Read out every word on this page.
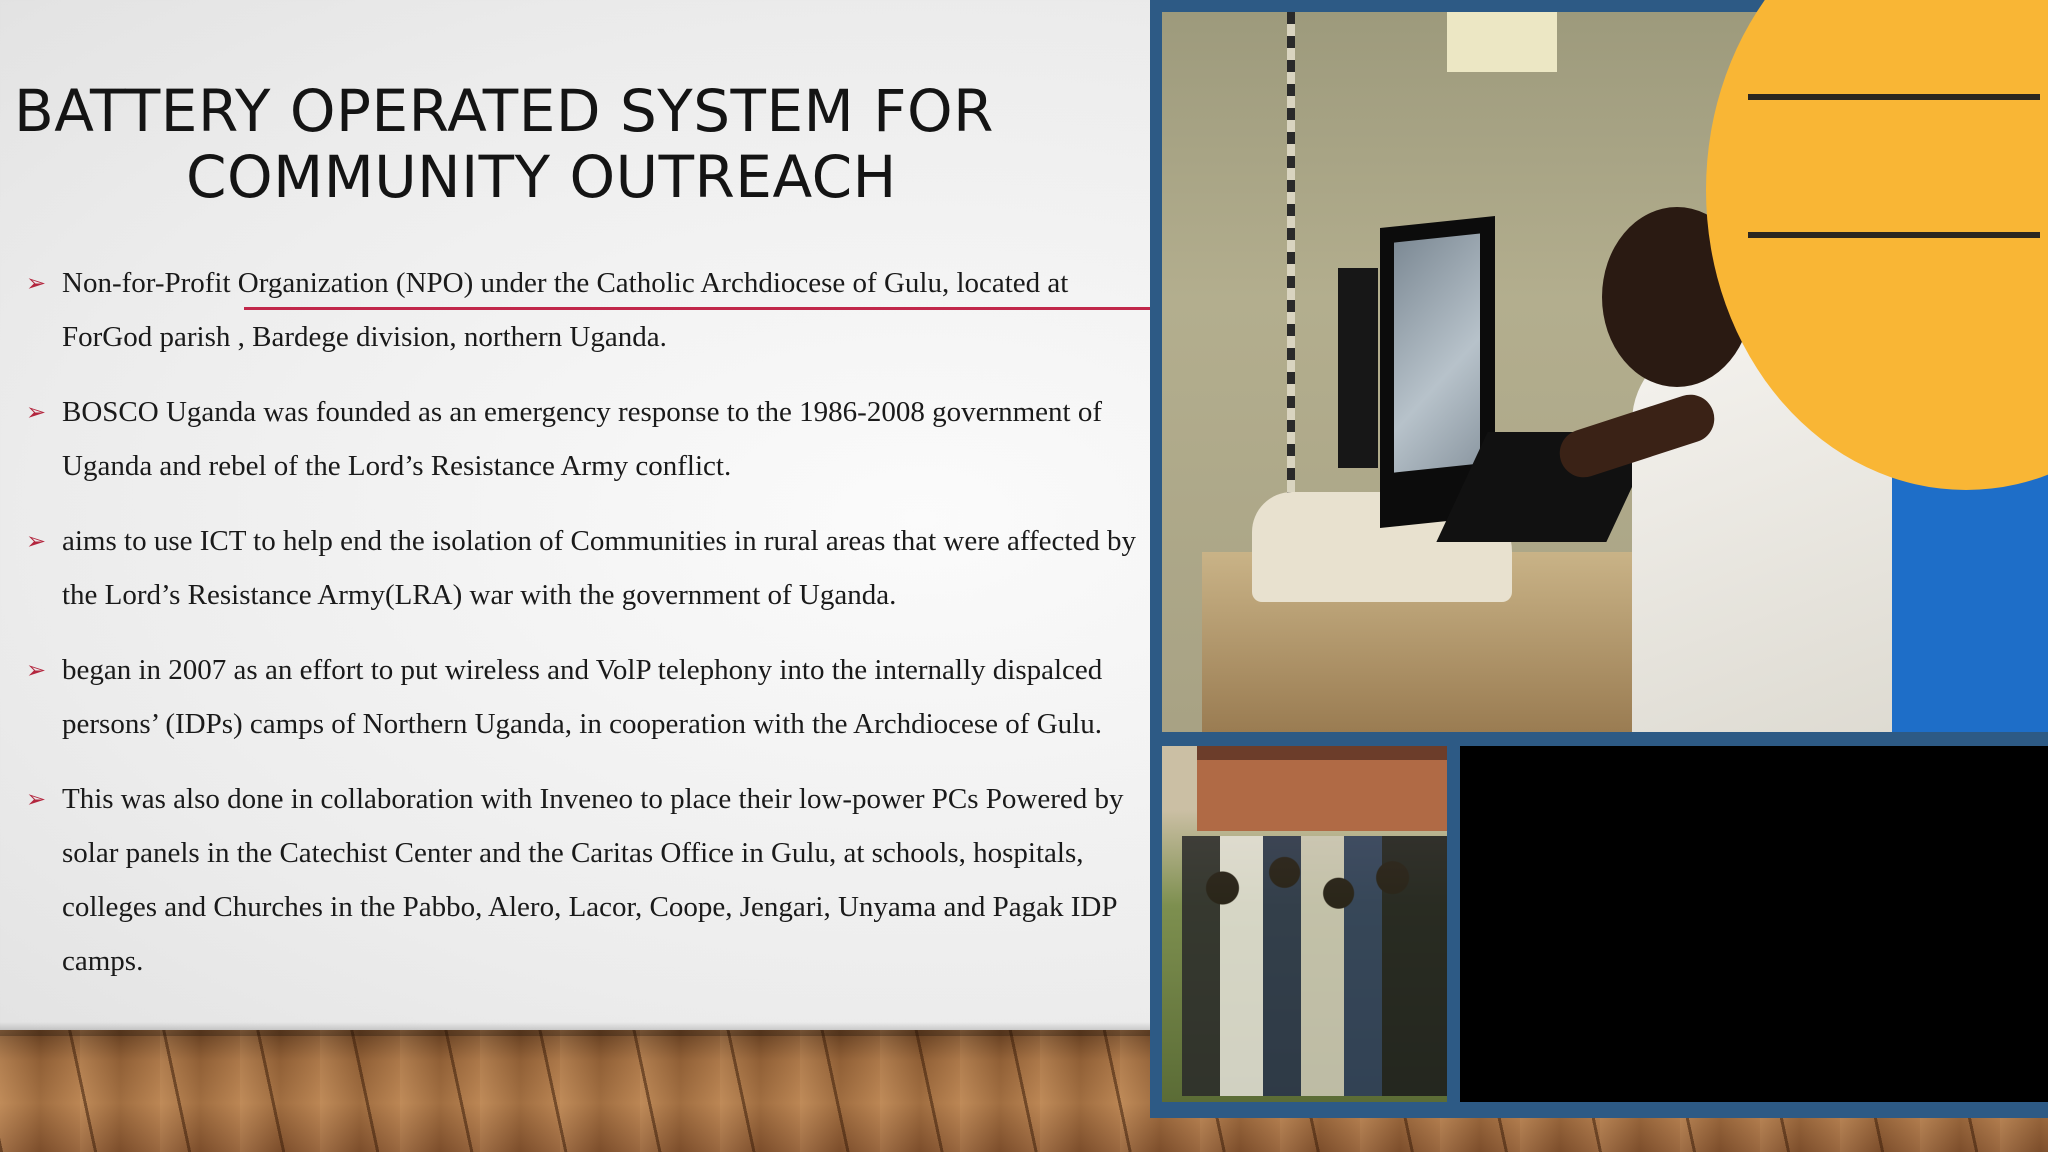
BATTERY OPERATED SYSTEM FOR
COMMUNITY OUTREACH
➢ Non-for-Profit Organization (NPO) under the Catholic Archdiocese of Gulu, located at ForGod parish , Bardege division, northern Uganda.
➢ BOSCO Uganda was founded as an emergency response to the 1986-2008 government of Uganda and rebel of the Lord’s Resistance Army conflict.
➢ aims to use ICT to help end the isolation of Communities in rural areas that were affected by the Lord’s Resistance Army(LRA) war with the government of Uganda.
➢ began in 2007 as an effort to put wireless and VolP telephony into the internally dispalced persons’ (IDPs) camps of Northern Uganda, in cooperation with the Archdiocese of Gulu.
➢ This was also done in collaboration with Inveneo to place their low-power PCs Powered by solar panels in the Catechist Center and the Caritas Office in Gulu, at schools, hospitals, colleges and Churches in the Pabbo, Alero, Lacor, Coope, Jengari, Unyama and Pagak IDP camps.
